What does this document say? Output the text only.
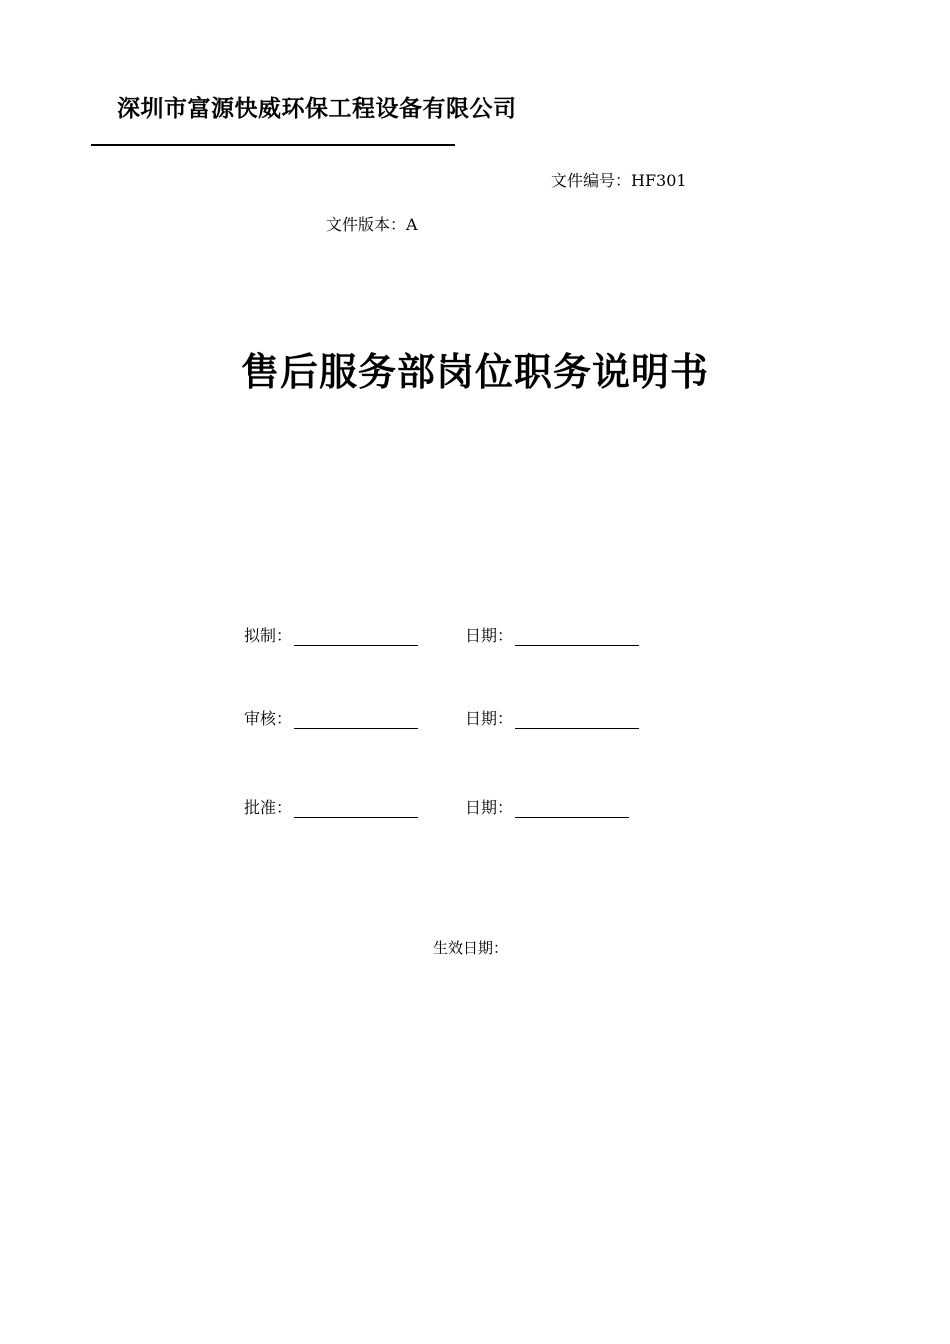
深圳市富源快威环保工程设备有限公司
文件编号：HF301
文件版本：A
售后服务部岗位职务说明书
拟制：	日期：
审核：	日期：
批准：	日期：
生效日期：
